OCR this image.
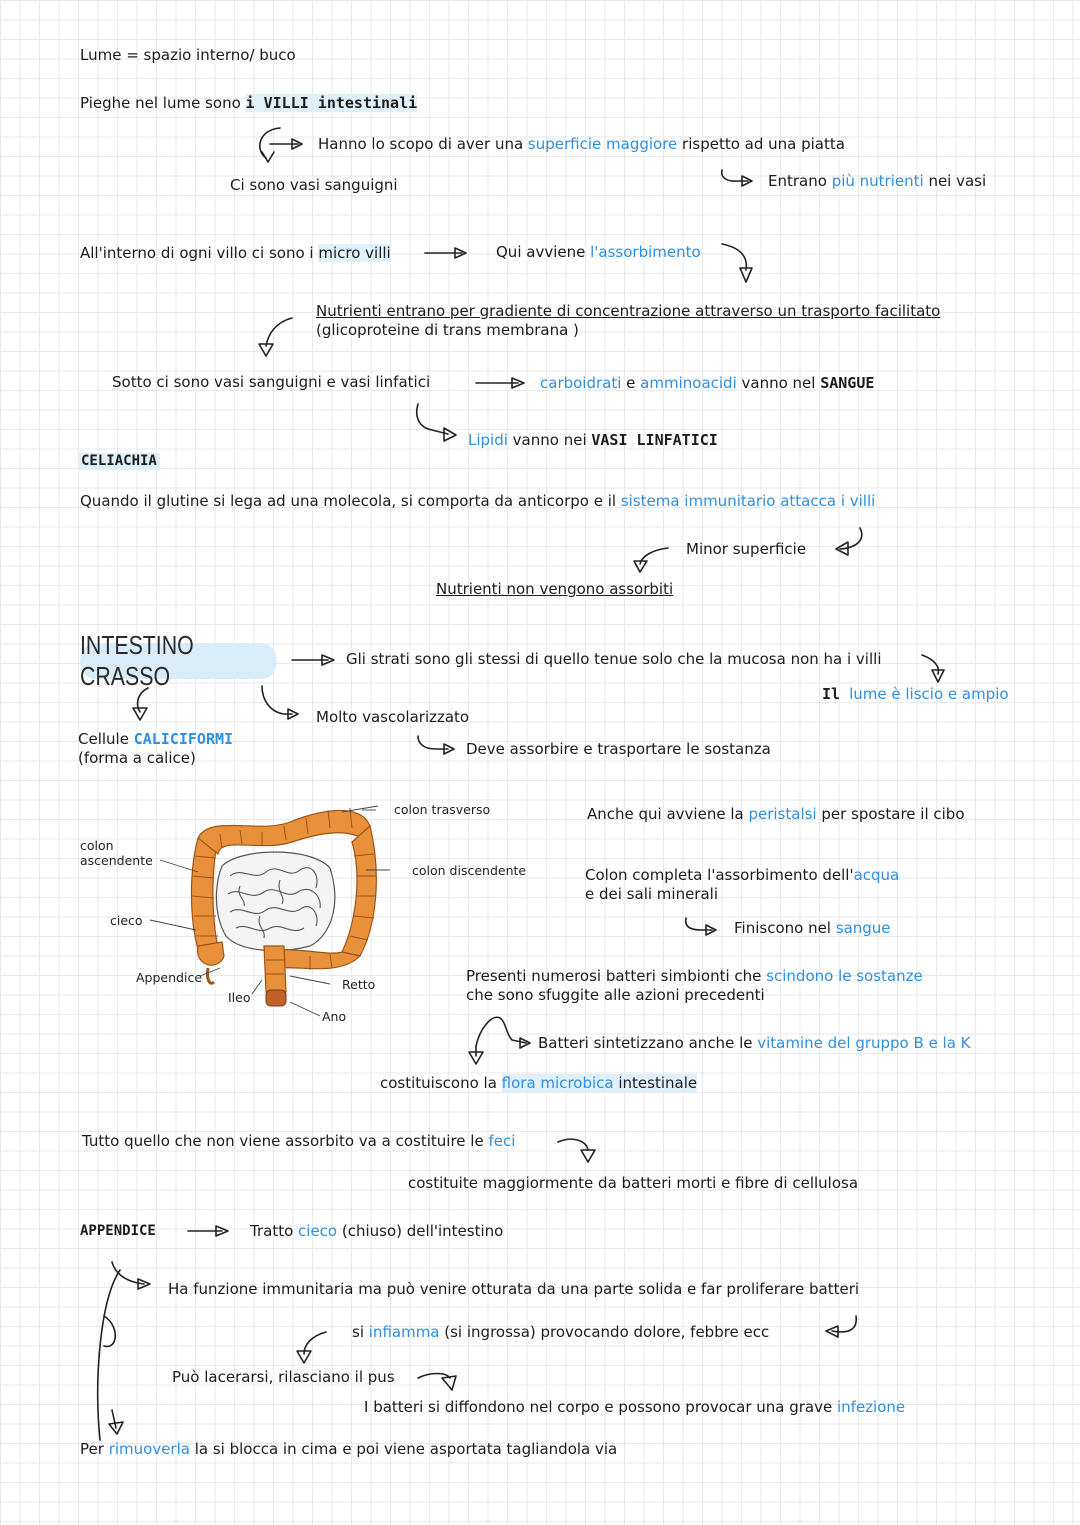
Lume = spazio interno/ buco
Pieghe nel lume sono i VILLI intestinali
Hanno lo scopo di aver una superficie maggiore rispetto ad una piatta
Ci sono vasi sanguigni	Entrano più nutrienti nei vasi
All'interno di ogni villo ci sono i micro villi	Qui avviene l'assorbimento
Nutrienti entrano per gradiente di concentrazione attraverso un trasporto facilitato
(glicoproteine di trans membrana )
Sotto ci sono vasi sanguigni e vasi linfatici	carboidrati e amminoacidi vanno nel SANGUE
Lipidi vanno nei VASI LINFATICI
CELIACHIA
Quando il glutine si lega ad una molecola, si comporta da anticorpo e il sistema immunitario attacca i villi
Minor superficie
Nutrienti non vengono assorbiti
INTESTINO CRASSO
Gli strati sono gli stessi di quello tenue solo che la mucosa non ha i villi
Il lume è liscio e ampio
Molto vascolarizzato
Cellule CALICIFORMI
(forma a calice)	Deve assorbire e trasportare le sostanza
Anche qui avviene la peristalsi per spostare il cibo
Colon completa l'assorbimento dell'acqua
e dei sali minerali
Finiscono nel sangue
Presenti numerosi batteri simbionti che scindono le sostanze
che sono sfuggite alle azioni precedenti
Batteri sintetizzano anche le vitamine del gruppo B e la K
costituiscono la flora microbica intestinale
Tutto quello che non viene assorbito va a costituire le feci
costituite maggiormente da batteri morti e fibre di cellulosa
APPENDICE	Tratto cieco (chiuso) dell'intestino
Ha funzione immunitaria ma può venire otturata da una parte solida e far proliferare batteri
si infiamma (si ingrossa) provocando dolore, febbre ecc
Può lacerarsi, rilasciano il pus
I batteri si diffondono nel corpo e possono provocar una grave infezione
Per rimuoverla la si blocca in cima e poi viene asportata tagliandola via
colon trasverso
colon
ascendente
colon discendente
cieco
Appendice
Ileo
Retto
Ano
